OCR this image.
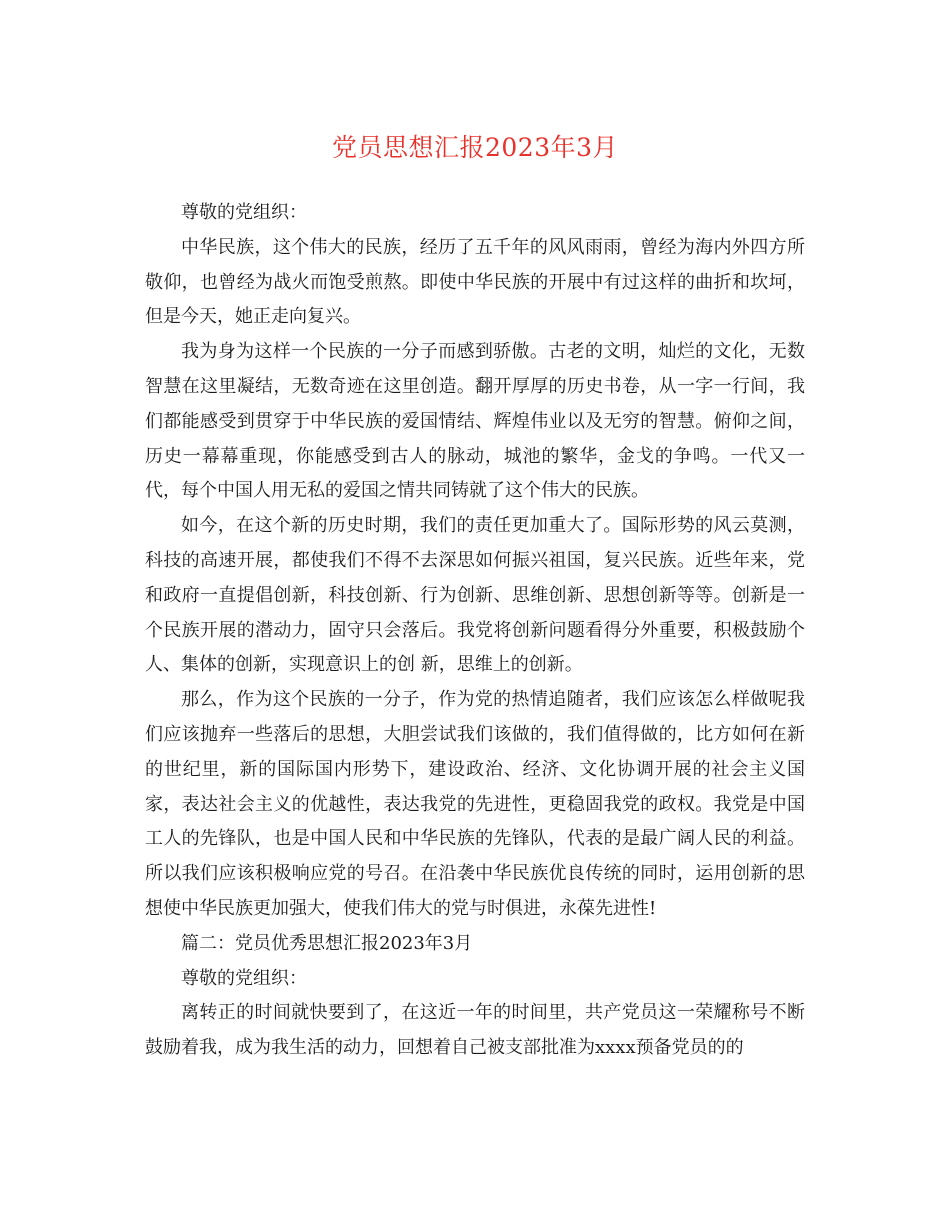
党员思想汇报2023年3月

尊敬的党组织：

中华民族，这个伟大的民族，经历了五千年的风风雨雨，曾经为海内外四方所敬仰，也曾经为战火而饱受煎熬。即使中华民族的开展中有过这样的曲折和坎坷，但是今天，她正走向复兴。

我为身为这样一个民族的一分子而感到骄傲。古老的文明，灿烂的文化，无数智慧在这里凝结，无数奇迹在这里创造。翻开厚厚的历史书卷，从一字一行间，我们都能感受到贯穿于中华民族的爱国情结、辉煌伟业以及无穷的智慧。俯仰之间，历史一幕幕重现，你能感受到古人的脉动，城池的繁华，金戈的争鸣。一代又一代，每个中国人用无私的爱国之情共同铸就了这个伟大的民族。

如今，在这个新的历史时期，我们的责任更加重大了。国际形势的风云莫测，科技的高速开展，都使我们不得不去深思如何振兴祖国，复兴民族。近些年来，党和政府一直提倡创新，科技创新、行为创新、思维创新、思想创新等等。创新是一个民族开展的潜动力，固守只会落后。我党将创新问题看得分外重要，积极鼓励个人、集体的创新，实现意识上的创 新，思维上的创新。

那么，作为这个民族的一分子，作为党的热情追随者，我们应该怎么样做呢我们应该抛弃一些落后的思想，大胆尝试我们该做的，我们值得做的，比方如何在新的世纪里，新的国际国内形势下，建设政治、经济、文化协调开展的社会主义国家，表达社会主义的优越性，表达我党的先进性，更稳固我党的政权。我党是中国工人的先锋队，也是中国人民和中华民族的先锋队，代表的是最广阔人民的利益。所以我们应该积极响应党的号召。在沿袭中华民族优良传统的同时，运用创新的思想使中华民族更加强大，使我们伟大的党与时俱进，永葆先进性!

篇二：党员优秀思想汇报2023年3月

尊敬的党组织：

离转正的时间就快要到了，在这近一年的时间里，共产党员这一荣耀称号不断鼓励着我，成为我生活的动力，回想着自己被支部批准为xxxx预备党员的的
